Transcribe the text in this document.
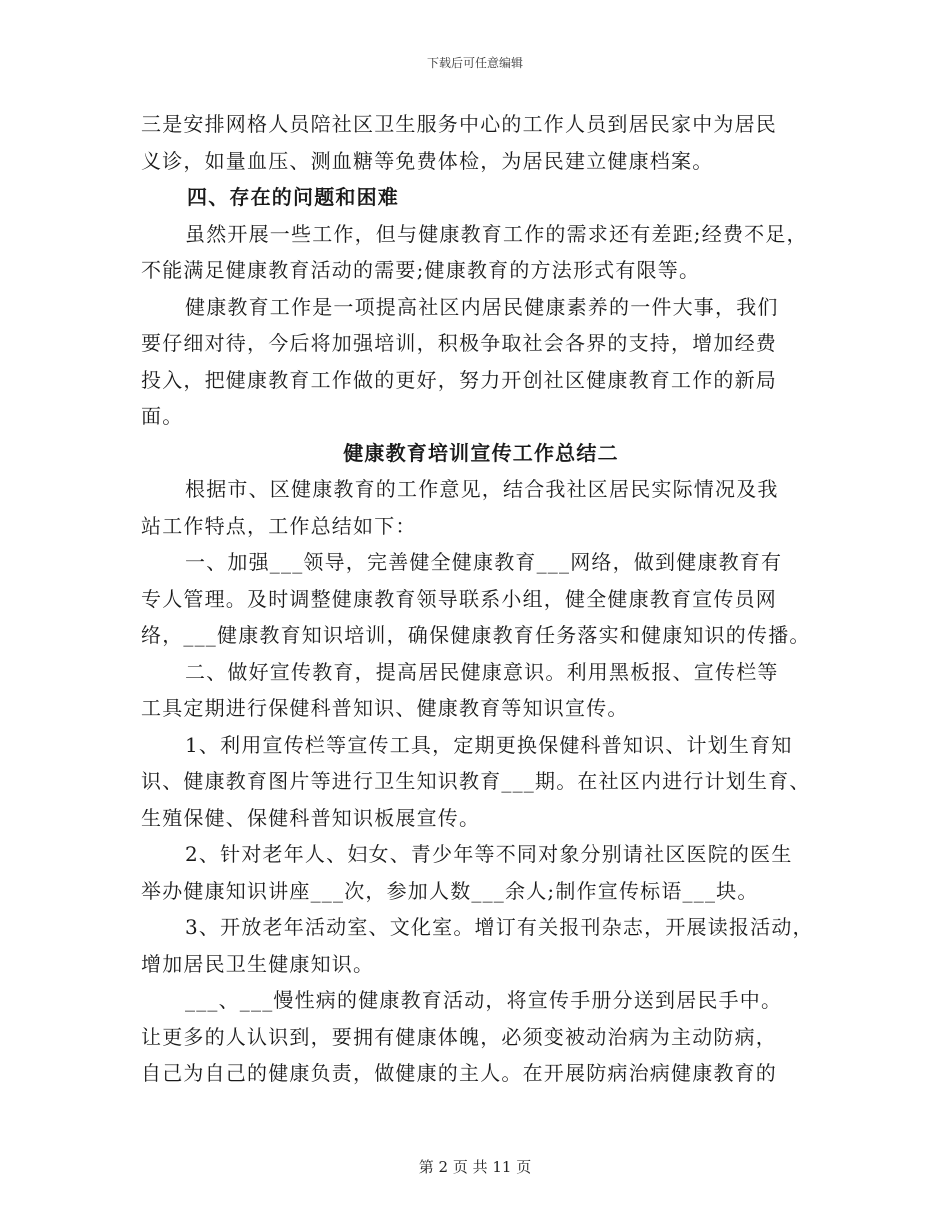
下载后可任意编辑
三是安排网格人员陪社区卫生服务中心的工作人员到居民家中为居民
义诊，如量血压、测血糖等免费体检，为居民建立健康档案。
四、存在的问题和困难
虽然开展一些工作，但与健康教育工作的需求还有差距;经费不足，
不能满足健康教育活动的需要;健康教育的方法形式有限等。
健康教育工作是一项提高社区内居民健康素养的一件大事，我们
要仔细对待，今后将加强培训，积极争取社会各界的支持，增加经费
投入，把健康教育工作做的更好，努力开创社区健康教育工作的新局
面。
健康教育培训宣传工作总结二
根据市、区健康教育的工作意见，结合我社区居民实际情况及我
站工作特点，工作总结如下：
一、加强___领导，完善健全健康教育___网络，做到健康教育有
专人管理。及时调整健康教育领导联系小组，健全健康教育宣传员网
络，___健康教育知识培训，确保健康教育任务落实和健康知识的传播。
二、做好宣传教育，提高居民健康意识。利用黑板报、宣传栏等
工具定期进行保健科普知识、健康教育等知识宣传。
1、利用宣传栏等宣传工具，定期更换保健科普知识、计划生育知
识、健康教育图片等进行卫生知识教育___期。在社区内进行计划生育、
生殖保健、保健科普知识板展宣传。
2、针对老年人、妇女、青少年等不同对象分别请社区医院的医生
举办健康知识讲座___次，参加人数___余人;制作宣传标语___块。
3、开放老年活动室、文化室。增订有关报刊杂志，开展读报活动，
增加居民卫生健康知识。
___、___慢性病的健康教育活动，将宣传手册分送到居民手中。
让更多的人认识到，要拥有健康体魄，必须变被动治病为主动防病，
自己为自己的健康负责，做健康的主人。在开展防病治病健康教育的
第 2 页 共 11 页
